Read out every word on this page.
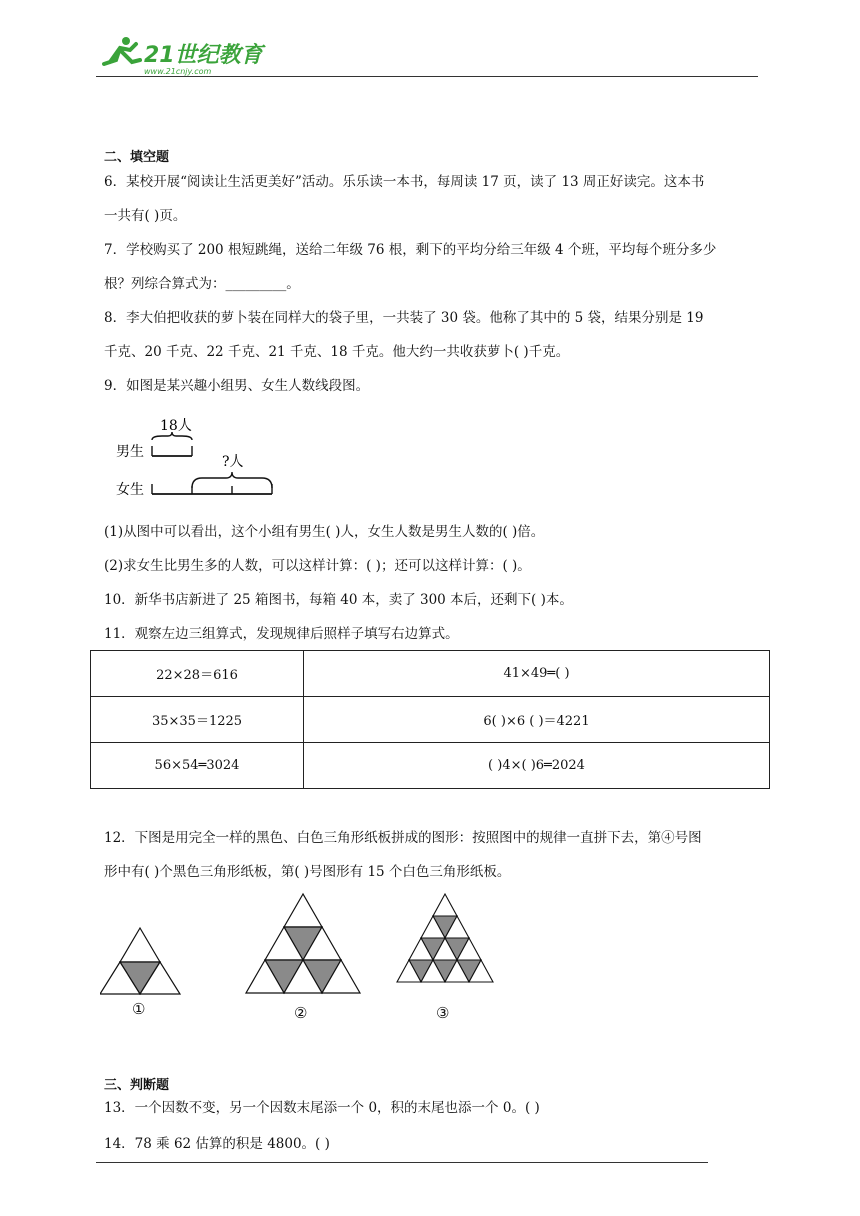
21世纪教育
www.21cnjy.com
二、填空题
6．某校开展“阅读让生活更美好”活动。乐乐读一本书，每周读 17 页，读了 13 周正好读完。这本书
一共有( )页。
7．学校购买了 200 根短跳绳，送给二年级 76 根，剩下的平均分给三年级 4 个班，平均每个班分多少
根？列综合算式为：_________。
8．李大伯把收获的萝卜装在同样大的袋子里，一共装了 30 袋。他称了其中的 5 袋，结果分别是 19
千克、20 千克、22 千克、21 千克、18 千克。他大约一共收获萝卜( )千克。
9．如图是某兴趣小组男、女生人数线段图。
男生
女生
18人
?人
(1)从图中可以看出，这个小组有男生( )人，女生人数是男生人数的( )倍。
(2)求女生比男生多的人数，可以这样计算：( )；还可以这样计算：( )。
10．新华书店新进了 25 箱图书，每箱 40 本，卖了 300 本后，还剩下( )本。
11．观察左边三组算式，发现规律后照样子填写右边算式。
22×28＝616	41×49═( )
35×35＝1225	6( )×6 ( )＝4221
56×54═3024	( )4×( )6═2024
12．下图是用完全一样的黑色、白色三角形纸板拼成的图形：按照图中的规律一直拼下去，第④号图
形中有( )个黑色三角形纸板，第( )号图形有 15 个白色三角形纸板。
①	②	③
三、判断题
13．一个因数不变，另一个因数末尾添一个 0，积的末尾也添一个 0。( )
14．78 乘 62 估算的积是 4800。( )
